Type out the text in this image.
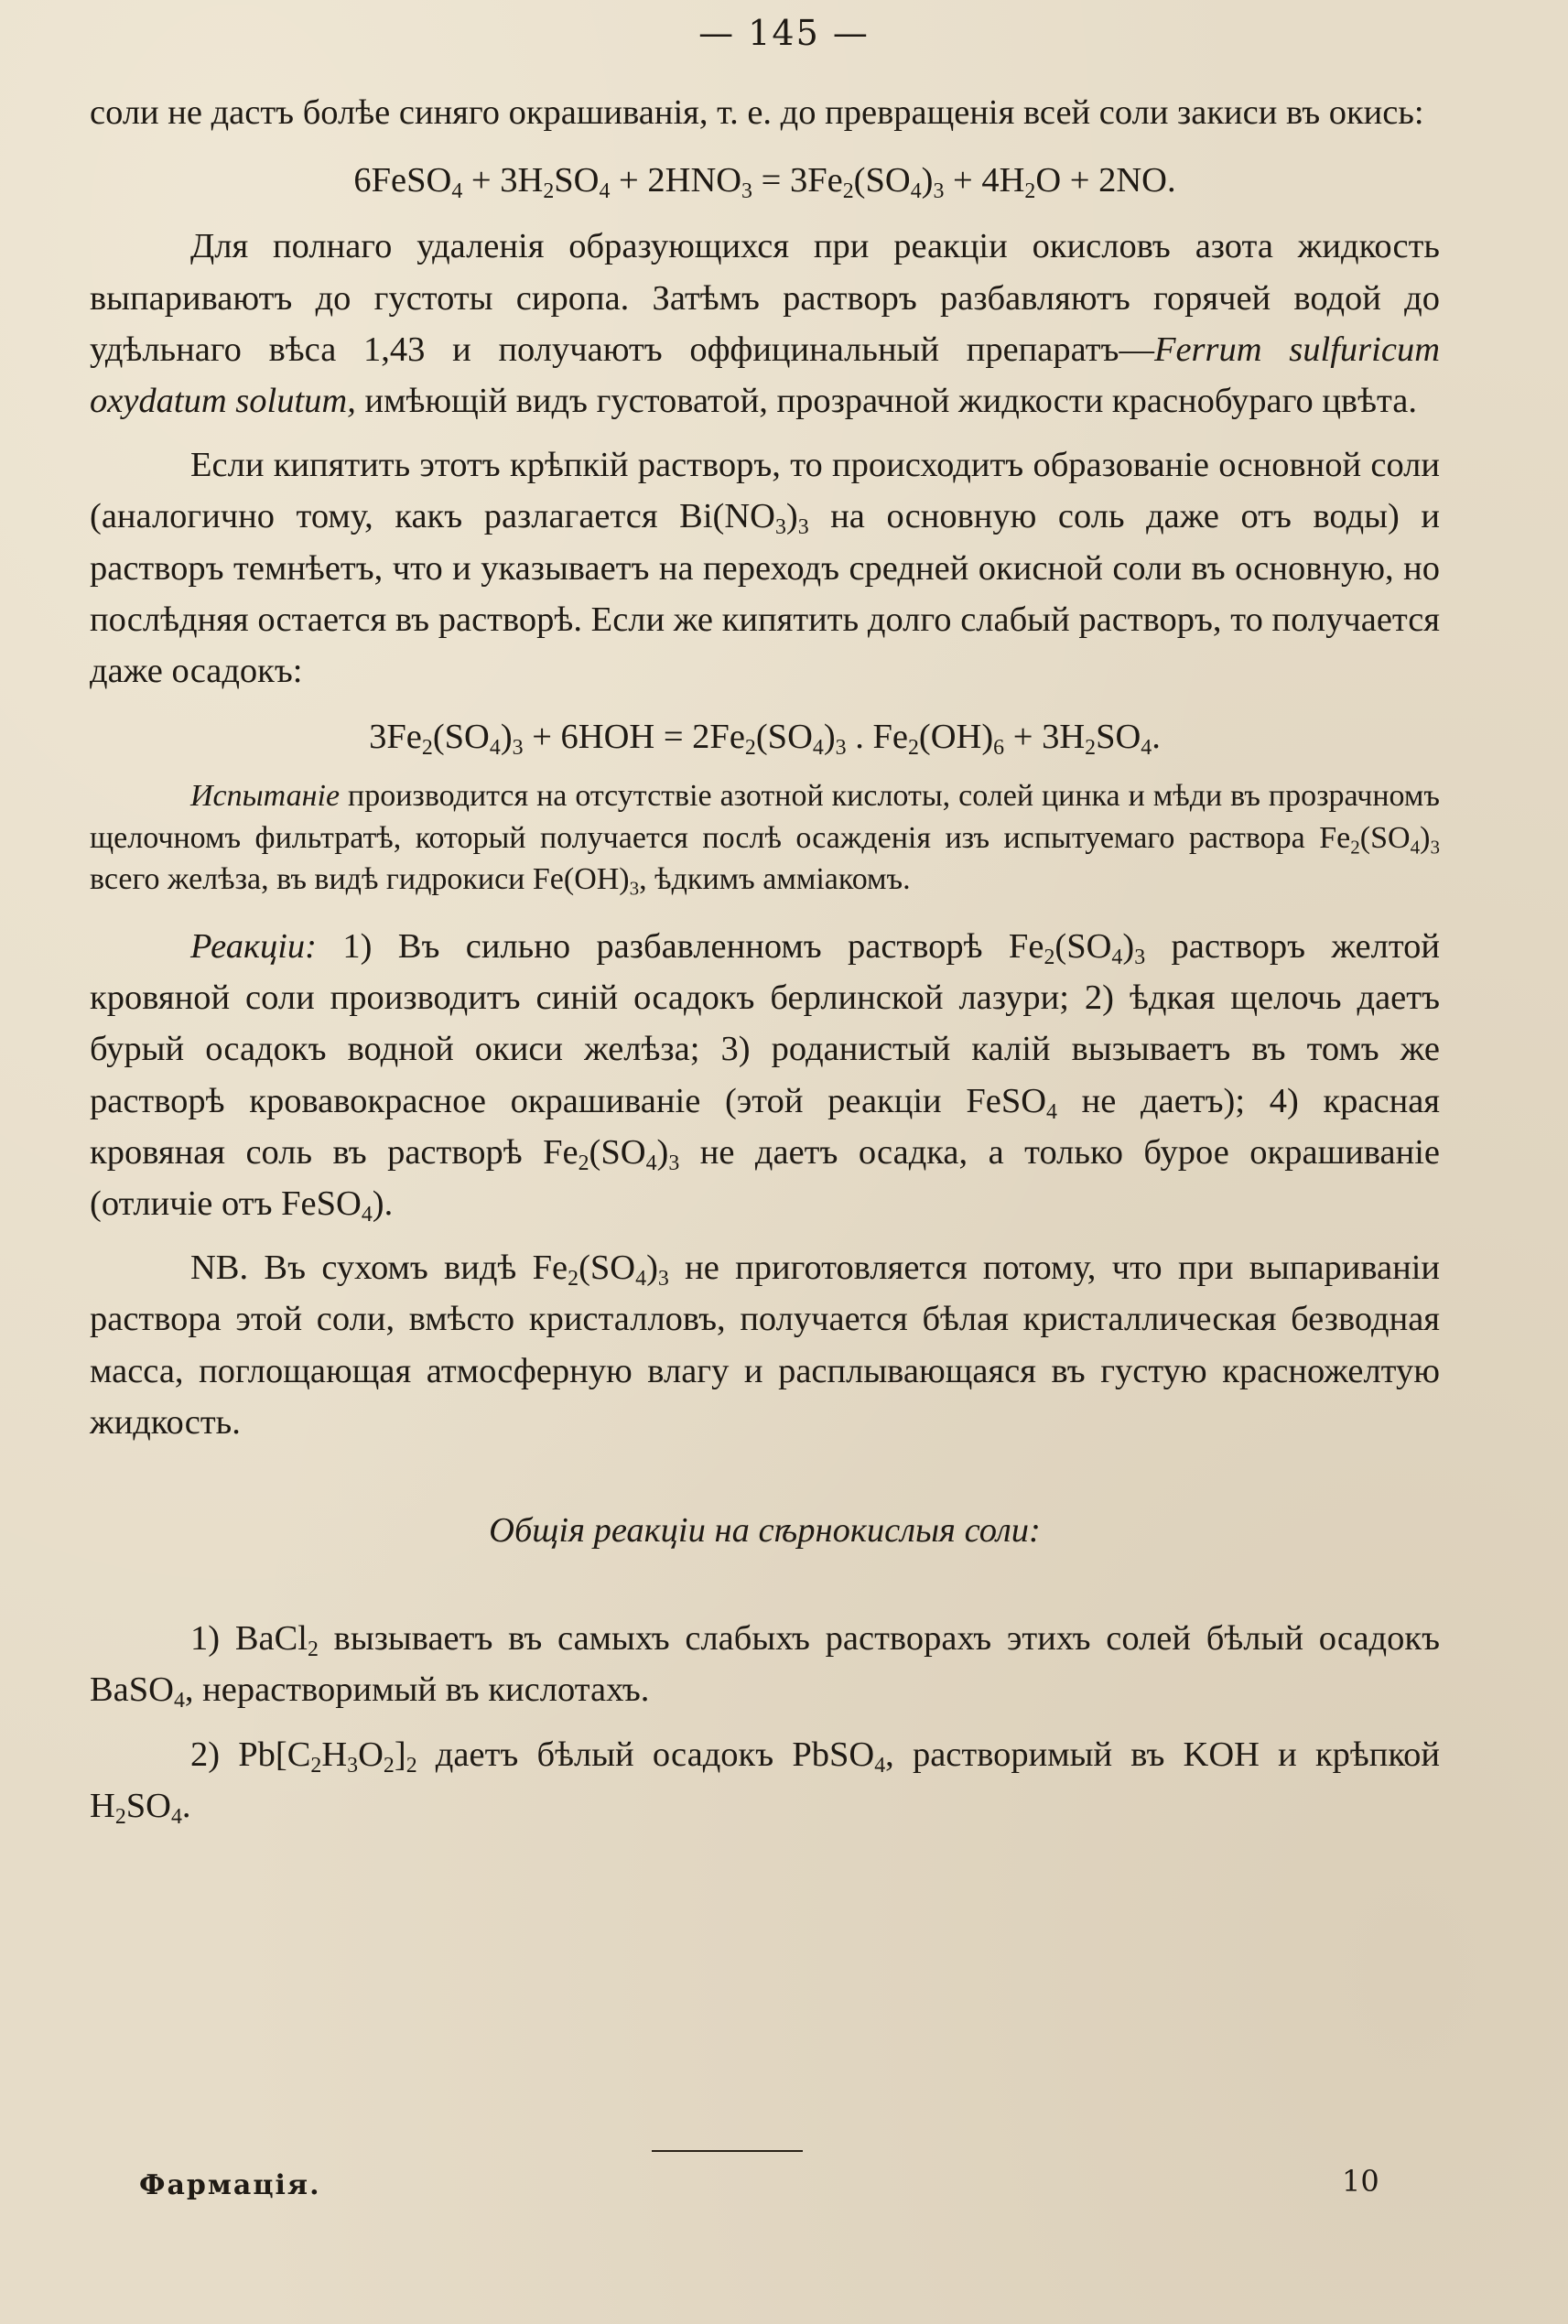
— 145 —

соли не дастъ болѣе синяго окрашиванія, т. е. до превращенія всей соли закиси въ окись:

6FeSO$_4$ + $3H_2SO_4 + 2HNO_3 = 3Fe_2(SO_4)_3 + 4H_2O + 2NO$.

Для полнаго удаленія образующихся при реакціи окисловъ азота жидкость выпариваютъ до густоты сиропа. Затѣмъ растворъ разбавляютъ горячей водой до удѣльнаго вѣса 1,43 и получаютъ оффицинальный препаратъ—Ferrum sulfuricum oxydatum solutum, имѣющій видъ густоватой, прозрачной жидкости краснобураго цвѣта.

Если кипятить этотъ крѣпкій растворъ, то происходитъ образованіе основной соли (аналогично тому, какъ разлагается $Bi(NO_3)_3$ на основную соль даже отъ воды) и растворъ темнѣетъ, что и указываетъ на переходъ средней окисной соли въ основную, но послѣдняя остается въ растворѣ. Если же кипятить долго слабый растворъ, то получается даже осадокъ:

$3Fe_2(SO_4)_3 + 6HOH = 2Fe_2(SO_4)_3$ . $Fe_2(OH)_6 + 3H_2SO_4$.

Испытаніе производится на отсутствіе азотной кислоты, солей цинка и мѣди въ прозрачномъ щелочномъ фильтратѣ, который получается послѣ осажденія изъ испытуемаго раствора $Fe_2(SO_4)_3$ всего желѣза, въ видѣ гидрокиси $Fe(OH)_3$, ѣдкимъ амміакомъ.

Реакціи: 1) Въ сильно разбавленномъ растворѣ $Fe_2(SO_4)_3$ растворъ желтой кровяной соли производитъ синій осадокъ берлинской лазури; 2) ѣдкая щелочь даетъ бурый осадокъ водной окиси желѣза; 3) роданистый калій вызываетъ въ томъ же растворѣ кровавокрасное окрашиваніе (этой реакціи FeSO$_4$ не даетъ); 4) красная кровяная соль въ растворѣ $Fe_2(SO_4)_3$ не даетъ осадка, а только бурое окрашиваніе (отличіе отъ FeSO$_4$).

NB. Въ сухомъ видѣ $Fe_2(SO_4)_3$ не приготовляется потому, что при выпариваніи раствора этой соли, вмѣсто кристалловъ, получается бѣлая кристаллическая безводная масса, поглощающая атмосферную влагу и расплывающаяся въ густую красножелтую жидкость.

Общія реакціи на сѣрнокислыя соли:

1) BaCl$_2$ вызываетъ въ самыхъ слабыхъ растворахъ этихъ солей бѣлый осадокъ BaSO$_4$, нерастворимый въ кислотахъ.

2) $Pb[C_2H_3O_2]_2$ даетъ бѣлый осадокъ PbSO$_4$, растворимый въ KOH и крѣпкой $H_2SO_4$.

Фармація.	10
